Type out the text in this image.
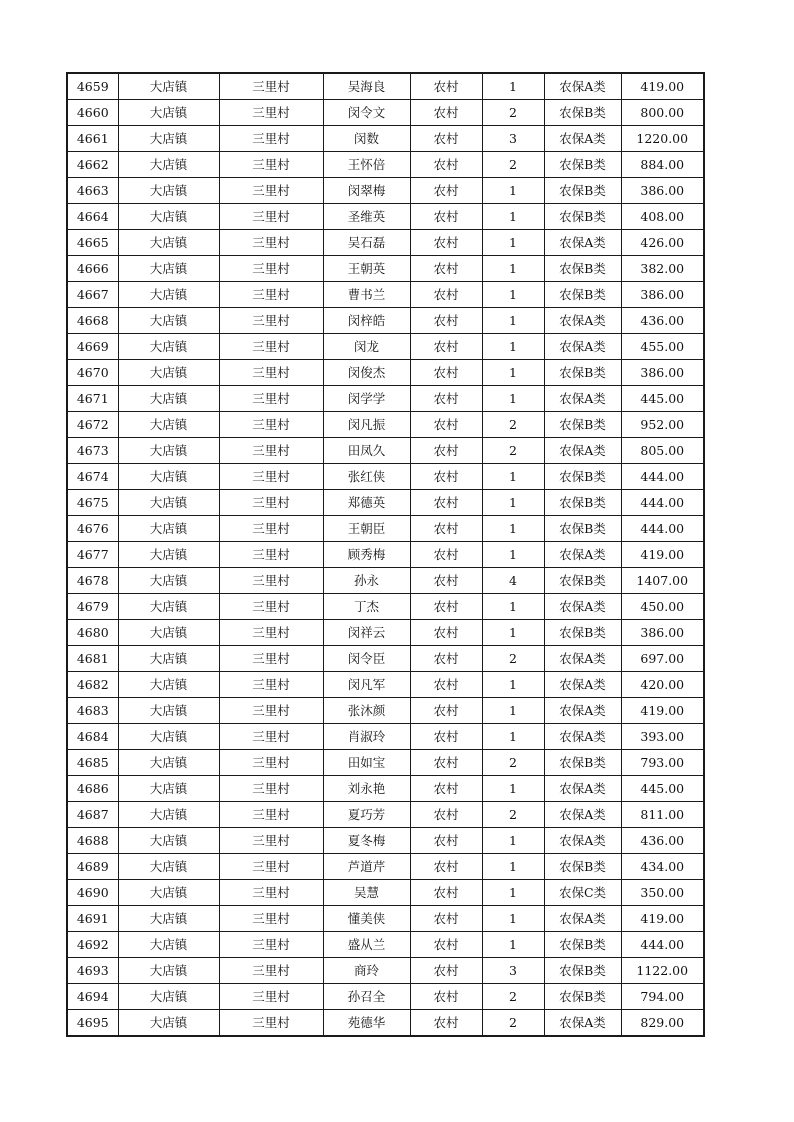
4659	大店镇	三里村	吴海良	农村	1	农保A类	419.00
4660	大店镇	三里村	闵令文	农村	2	农保B类	800.00
4661	大店镇	三里村	闵数	农村	3	农保A类	1220.00
4662	大店镇	三里村	王怀倍	农村	2	农保B类	884.00
4663	大店镇	三里村	闵翠梅	农村	1	农保B类	386.00
4664	大店镇	三里村	圣维英	农村	1	农保B类	408.00
4665	大店镇	三里村	吴石磊	农村	1	农保A类	426.00
4666	大店镇	三里村	王朝英	农村	1	农保B类	382.00
4667	大店镇	三里村	曹书兰	农村	1	农保B类	386.00
4668	大店镇	三里村	闵梓皓	农村	1	农保A类	436.00
4669	大店镇	三里村	闵龙	农村	1	农保A类	455.00
4670	大店镇	三里村	闵俊杰	农村	1	农保B类	386.00
4671	大店镇	三里村	闵学学	农村	1	农保A类	445.00
4672	大店镇	三里村	闵凡振	农村	2	农保B类	952.00
4673	大店镇	三里村	田凤久	农村	2	农保A类	805.00
4674	大店镇	三里村	张红侠	农村	1	农保B类	444.00
4675	大店镇	三里村	郑德英	农村	1	农保B类	444.00
4676	大店镇	三里村	王朝臣	农村	1	农保B类	444.00
4677	大店镇	三里村	顾秀梅	农村	1	农保A类	419.00
4678	大店镇	三里村	孙永	农村	4	农保B类	1407.00
4679	大店镇	三里村	丁杰	农村	1	农保A类	450.00
4680	大店镇	三里村	闵祥云	农村	1	农保B类	386.00
4681	大店镇	三里村	闵令臣	农村	2	农保A类	697.00
4682	大店镇	三里村	闵凡军	农村	1	农保A类	420.00
4683	大店镇	三里村	张沐颜	农村	1	农保A类	419.00
4684	大店镇	三里村	肖淑玲	农村	1	农保A类	393.00
4685	大店镇	三里村	田如宝	农村	2	农保B类	793.00
4686	大店镇	三里村	刘永艳	农村	1	农保A类	445.00
4687	大店镇	三里村	夏巧芳	农村	2	农保A类	811.00
4688	大店镇	三里村	夏冬梅	农村	1	农保A类	436.00
4689	大店镇	三里村	芦道芹	农村	1	农保B类	434.00
4690	大店镇	三里村	吴慧	农村	1	农保C类	350.00
4691	大店镇	三里村	懂美侠	农村	1	农保A类	419.00
4692	大店镇	三里村	盛从兰	农村	1	农保B类	444.00
4693	大店镇	三里村	商玲	农村	3	农保B类	1122.00
4694	大店镇	三里村	孙召全	农村	2	农保B类	794.00
4695	大店镇	三里村	苑德华	农村	2	农保A类	829.00
